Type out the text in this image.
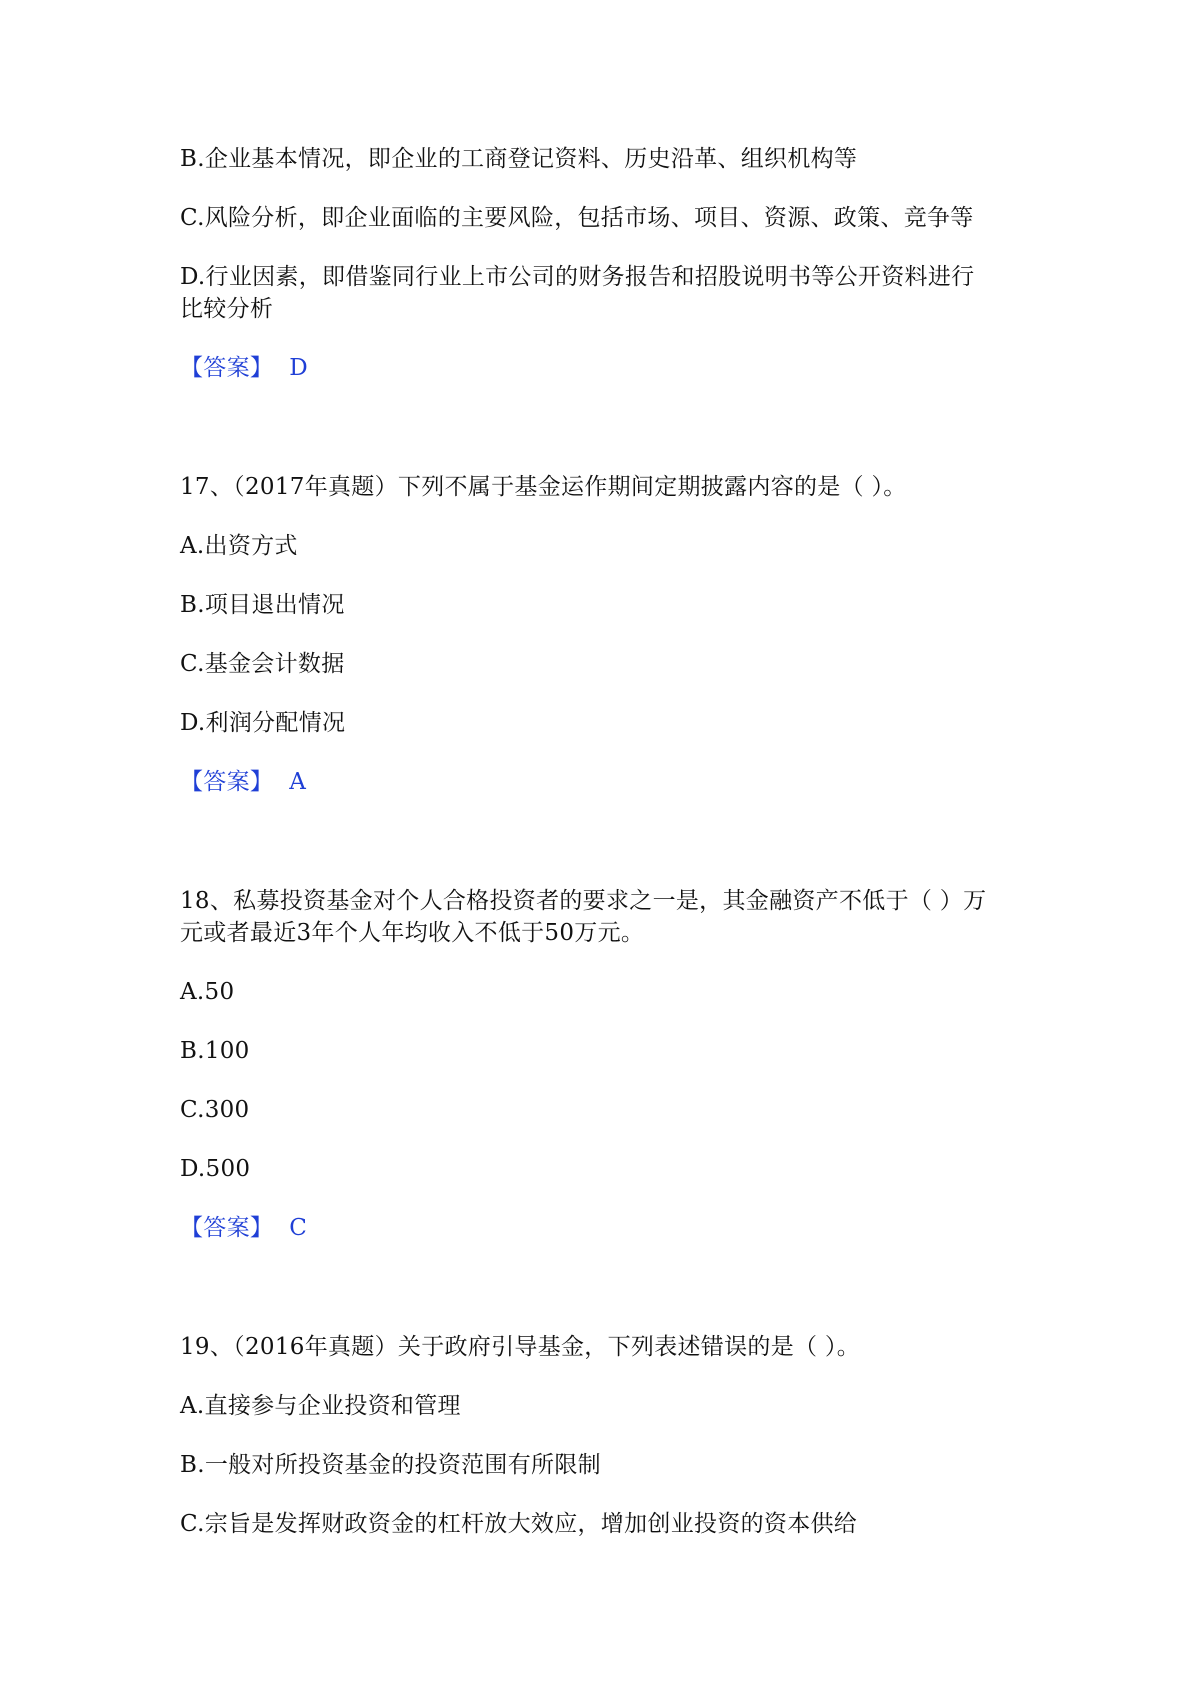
B.企业基本情况，即企业的工商登记资料、历史沿革、组织机构等
C.风险分析，即企业面临的主要风险，包括市场、项目、资源、政策、竞争等
D.行业因素，即借鉴同行业上市公司的财务报告和招股说明书等公开资料进行
比较分析
【答案】 D
17、（2017年真题）下列不属于基金运作期间定期披露内容的是（ ）。
A.出资方式
B.项目退出情况
C.基金会计数据
D.利润分配情况
【答案】 A
18、私募投资基金对个人合格投资者的要求之一是，其金融资产不低于（ ）万
元或者最近3年个人年均收入不低于50万元。
A.50
B.100
C.300
D.500
【答案】 C
19、（2016年真题）关于政府引导基金，下列表述错误的是（ ）。
A.直接参与企业投资和管理
B.一般对所投资基金的投资范围有所限制
C.宗旨是发挥财政资金的杠杆放大效应，增加创业投资的资本供给
